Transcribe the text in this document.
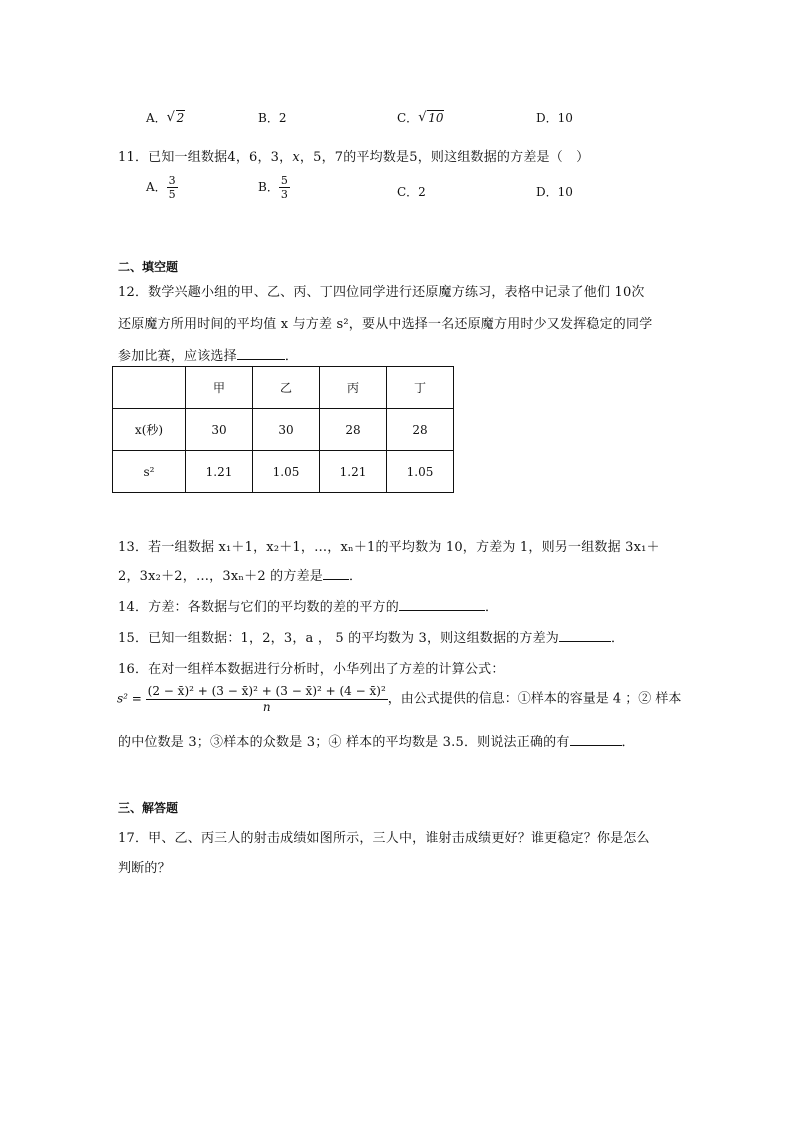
A． √ 2	B．2	C． √ 10	D．10
11．已知一组数据4，6，3，x，5，7的平均数是5，则这组数据的方差是（　）
A． $\frac{3}{5}$	B． $\frac{5}{3}$	C．2	D．10
二、填空题
12．数学兴趣小组的甲、乙、丙、丁四位同学进行还原魔方练习，表格中记录了他们 10次
还原魔方所用时间的平均值 x 与方差 s²，要从中选择一名还原魔方用时少又发挥稳定的同学
参加比赛，应该选择	．
	甲	乙	丙	丁
x(秒)	30	30	28	28
s²	1.21	1.05	1.21	1.05
13．若一组数据 x₁＋1，x₂＋1，…，xₙ＋1的平均数为 10，方差为 1，则另一组数据 3x₁＋
2，3x₂＋2，…，3xₙ＋2 的方差是 ．
14．方差：各数据与它们的平均数的差的平方的	．
15．已知一组数据：1，2，3，a ， 5 的平均数为 3，则这组数据的方差为	．
16．在对一组样本数据进行分析时，小华列出了方差的计算公式：
$s^2 = \frac{\text{(2 − x̄)² + (3 − x̄)² + (3 − x̄)² + (4 − x̄)²}}{n}$ ，由公式提供的信息：①样本的容量是 4 ；② 样本
的中位数是 3；③样本的众数是 3；④ 样本的平均数是 3.5．则说法正确的有	．
三、解答题
17．甲、乙、丙三人的射击成绩如图所示，三人中，谁射击成绩更好？谁更稳定？你是怎么
判断的？
